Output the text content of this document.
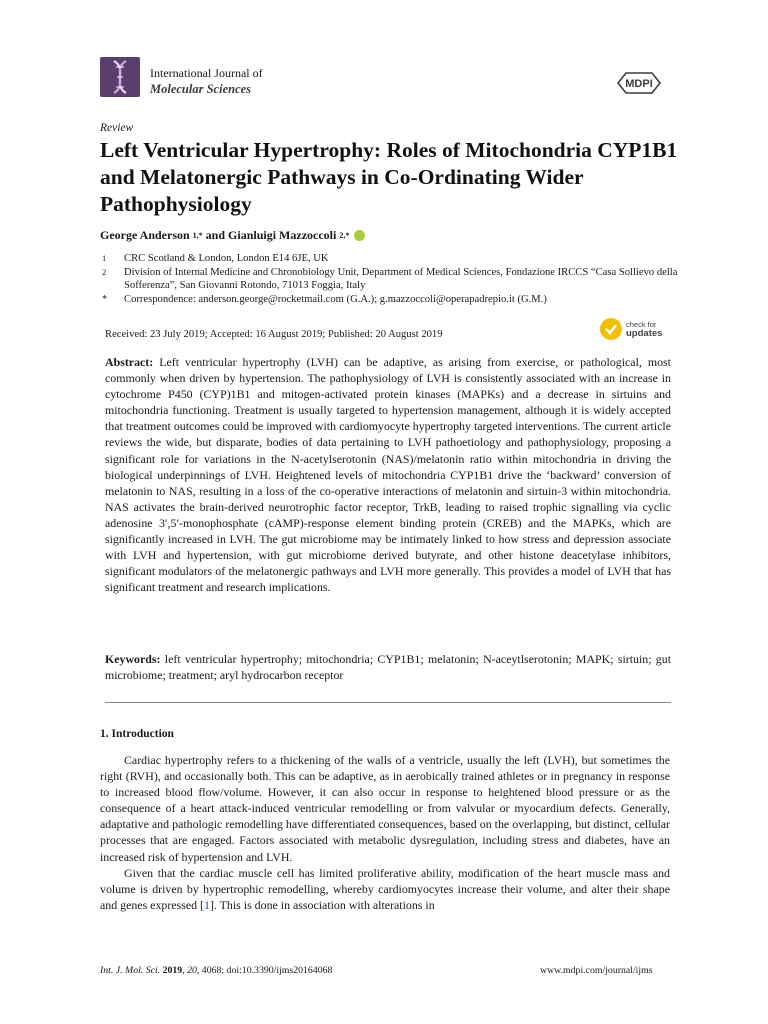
International Journal of
Molecular Sciences	MDPI
Review
Left Ventricular Hypertrophy: Roles of Mitochondria CYP1B1 and Melatonergic Pathways in Co-Ordinating Wider Pathophysiology
George Anderson 1,* and Gianluigi Mazzoccoli 2,*
1	CRC Scotland & London, London E14 6JE, UK
2	Division of Internal Medicine and Chronobiology Unit, Department of Medical Sciences, Fondazione IRCCS “Casa Sollievo della Sofferenza”, San Giovanni Rotondo, 71013 Foggia, Italy
*	Correspondence: anderson.george@rocketmail.com (G.A.); g.mazzoccoli@operapadrepio.it (G.M.)
Received: 23 July 2019; Accepted: 16 August 2019; Published: 20 August 2019
check for
updates
Abstract: Left ventricular hypertrophy (LVH) can be adaptive, as arising from exercise, or pathological, most commonly when driven by hypertension. The pathophysiology of LVH is consistently associated with an increase in cytochrome P450 (CYP)1B1 and mitogen-activated protein kinases (MAPKs) and a decrease in sirtuins and mitochondria functioning. Treatment is usually targeted to hypertension management, although it is widely accepted that treatment outcomes could be improved with cardiomyocyte hypertrophy targeted interventions. The current article reviews the wide, but disparate, bodies of data pertaining to LVH pathoetiology and pathophysiology, proposing a significant role for variations in the N-acetylserotonin (NAS)/melatonin ratio within mitochondria in driving the biological underpinnings of LVH. Heightened levels of mitochondria CYP1B1 drive the ‘backward’ conversion of melatonin to NAS, resulting in a loss of the co-operative interactions of melatonin and sirtuin-3 within mitochondria. NAS activates the brain-derived neurotrophic factor receptor, TrkB, leading to raised trophic signalling via cyclic adenosine 3′,5′-monophosphate (cAMP)-response element binding protein (CREB) and the MAPKs, which are significantly increased in LVH. The gut microbiome may be intimately linked to how stress and depression associate with LVH and hypertension, with gut microbiome derived butyrate, and other histone deacetylase inhibitors, significant modulators of the melatonergic pathways and LVH more generally. This provides a model of LVH that has significant treatment and research implications.
Keywords: left ventricular hypertrophy; mitochondria; CYP1B1; melatonin; N-aceytlserotonin; MAPK; sirtuin; gut microbiome; treatment; aryl hydrocarbon receptor
1. Introduction

Cardiac hypertrophy refers to a thickening of the walls of a ventricle, usually the left (LVH), but sometimes the right (RVH), and occasionally both. This can be adaptive, as in aerobically trained athletes or in pregnancy in response to increased blood flow/volume. However, it can also occur in response to heightened blood pressure or as the consequence of a heart attack-induced ventricular remodelling or from valvular or myocardium defects. Generally, adaptative and pathologic remodelling have differentiated consequences, based on the overlapping, but distinct, cellular processes that are engaged. Factors associated with metabolic dysregulation, including stress and diabetes, have an increased risk of hypertension and LVH.

Given that the cardiac muscle cell has limited proliferative ability, modification of the heart muscle mass and volume is driven by hypertrophic remodelling, whereby cardiomyocytes increase their volume, and alter their shape and genes expressed [1]. This is done in association with alterations in

Int. J. Mol. Sci. 2019, 20, 4068; doi:10.3390/ijms20164068	www.mdpi.com/journal/ijms
